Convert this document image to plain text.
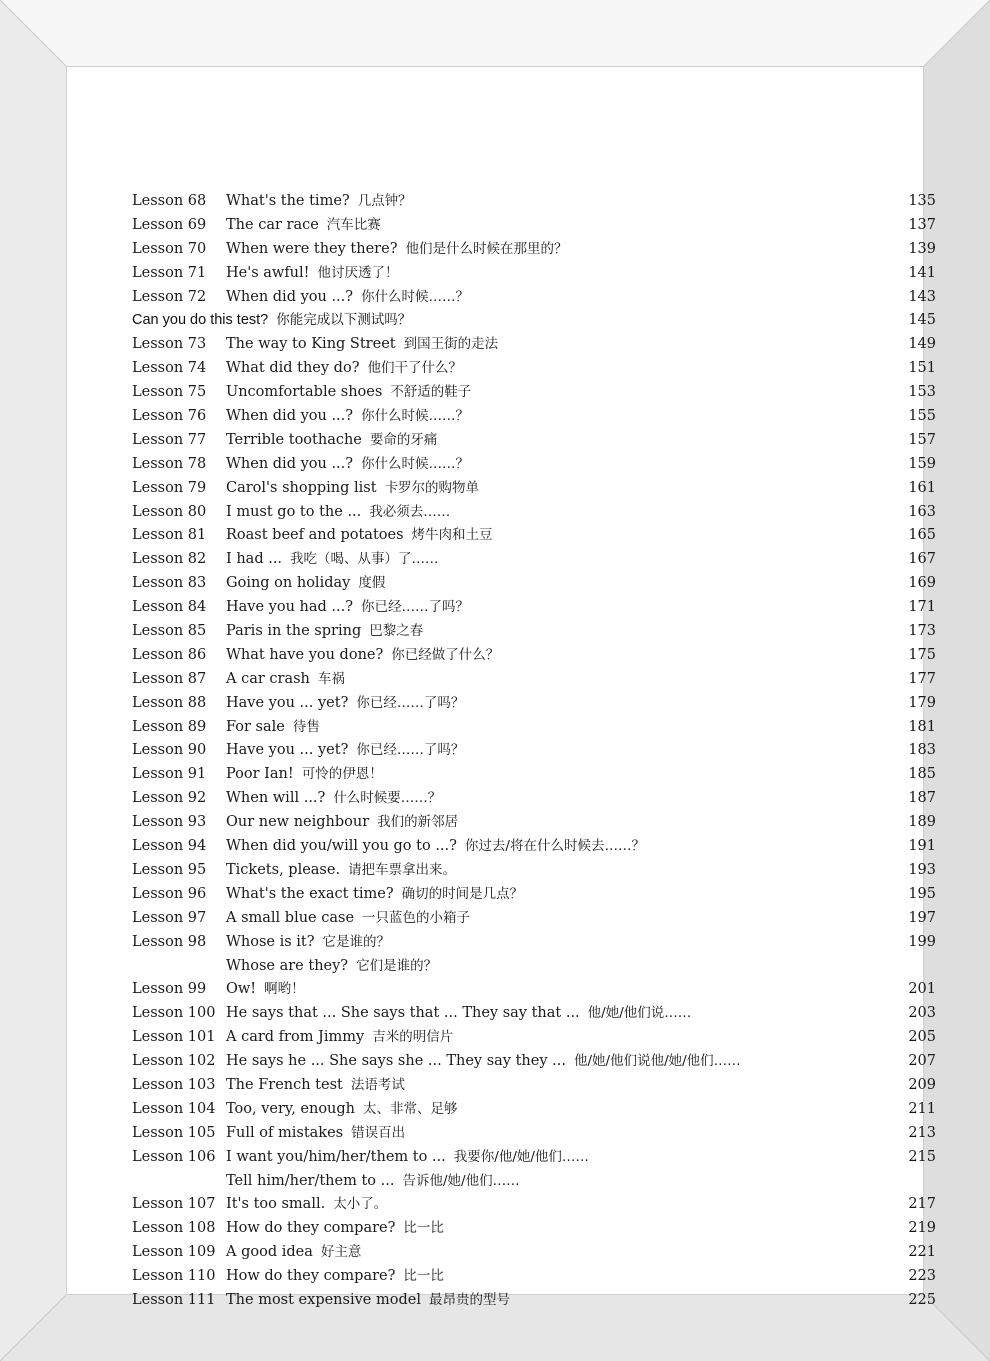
Lesson 68	What's the time? 几点钟？	135
Lesson 69	The car race 汽车比赛	137
Lesson 70	When were they there? 他们是什么时候在那里的？	139
Lesson 71	He's awful! 他讨厌透了！	141
Lesson 72	When did you ...? 你什么时候……？	143
Can you do this test? 你能完成以下测试吗？	145
Lesson 73	The way to King Street 到国王街的走法	149
Lesson 74	What did they do? 他们干了什么？	151
Lesson 75	Uncomfortable shoes 不舒适的鞋子	153
Lesson 76	When did you ...? 你什么时候……？	155
Lesson 77	Terrible toothache 要命的牙痛	157
Lesson 78	When did you ...? 你什么时候……？	159
Lesson 79	Carol's shopping list 卡罗尔的购物单	161
Lesson 80	I must go to the ... 我必须去……	163
Lesson 81	Roast beef and potatoes 烤牛肉和土豆	165
Lesson 82	I had ... 我吃（喝、从事）了……	167
Lesson 83	Going on holiday 度假	169
Lesson 84	Have you had ...? 你已经……了吗？	171
Lesson 85	Paris in the spring 巴黎之春	173
Lesson 86	What have you done? 你已经做了什么？	175
Lesson 87	A car crash 车祸	177
Lesson 88	Have you ... yet? 你已经……了吗？	179
Lesson 89	For sale 待售	181
Lesson 90	Have you ... yet? 你已经……了吗？	183
Lesson 91	Poor Ian! 可怜的伊恩！	185
Lesson 92	When will ...? 什么时候要……？	187
Lesson 93	Our new neighbour 我们的新邻居	189
Lesson 94	When did you/will you go to ...? 你过去/将在什么时候去……？	191
Lesson 95	Tickets, please. 请把车票拿出来。	193
Lesson 96	What's the exact time? 确切的时间是几点？	195
Lesson 97	A small blue case 一只蓝色的小箱子	197
Lesson 98	Whose is it? 它是谁的？	199
Whose are they? 它们是谁的？
Lesson 99	Ow! 啊哟！	201
Lesson 100 He says that ... She says that ... They say that ... 他/她/他们说……	203
Lesson 101 A card from Jimmy 吉米的明信片	205
Lesson 102 He says he ... She says she ... They say they ... 他/她/他们说他/她/他们……	207
Lesson 103 The French test 法语考试	209
Lesson 104 Too, very, enough 太、非常、足够	211
Lesson 105 Full of mistakes 错误百出	213
Lesson 106 I want you/him/her/them to ... 我要你/他/她/他们……	215
Tell him/her/them to ... 告诉他/她/他们……
Lesson 107 It's too small. 太小了。	217
Lesson 108 How do they compare? 比一比	219
Lesson 109 A good idea 好主意	221
Lesson 110 How do they compare? 比一比	223
Lesson 111 The most expensive model 最昂贵的型号	225
